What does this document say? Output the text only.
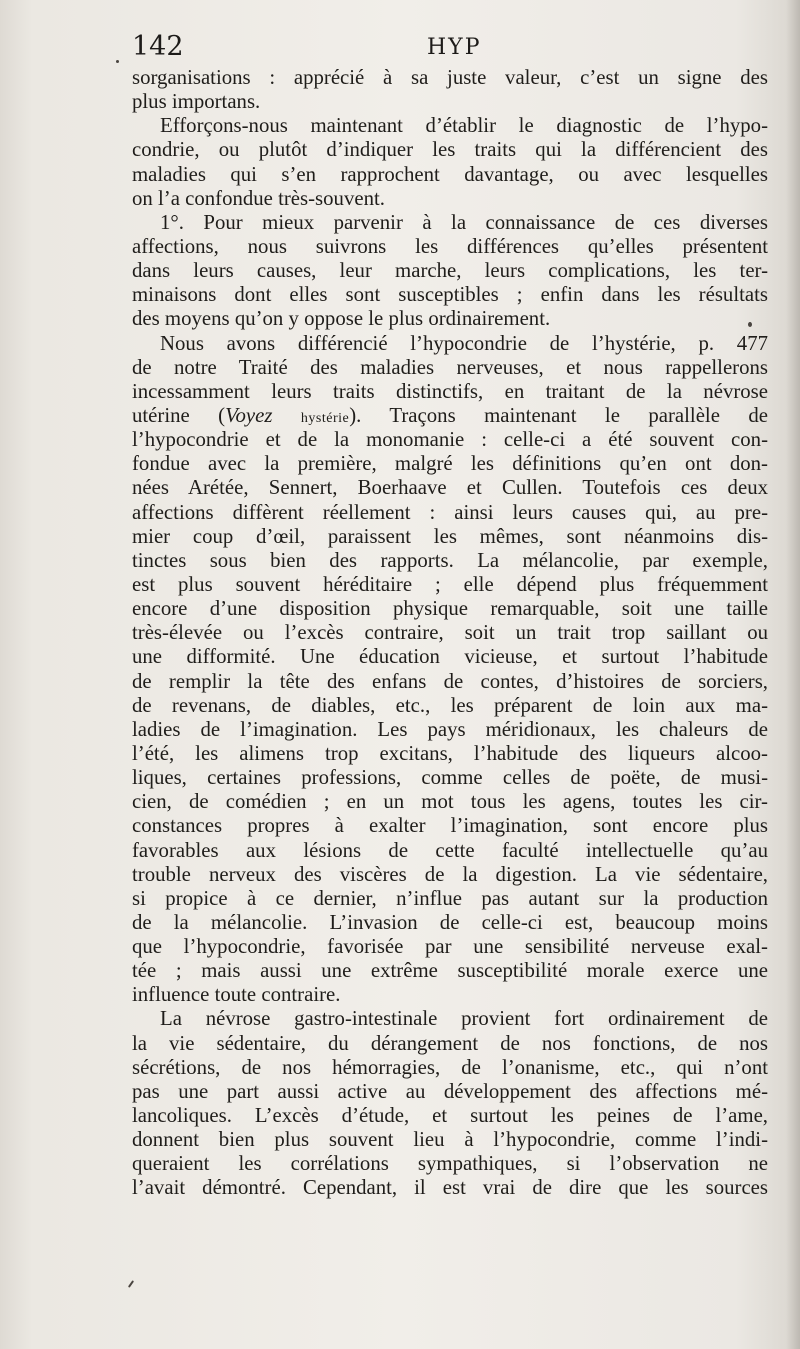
142	HYP
sorganisations : apprécié à sa juste valeur, c’est un signe des
plus importans.
Efforçons-nous maintenant d’établir le diagnostic de l’hypo-
condrie, ou plutôt d’indiquer les traits qui la différencient des
maladies qui s’en rapprochent davantage, ou avec lesquelles
on l’a confondue très-souvent.
1°. Pour mieux parvenir à la connaissance de ces diverses
affections, nous suivrons les différences qu’elles présentent
dans leurs causes, leur marche, leurs complications, les ter-
minaisons dont elles sont susceptibles ; enfin dans les résultats
des moyens qu’on y oppose le plus ordinairement.
Nous avons différencié l’hypocondrie de l’hystérie, p. 477
de notre Traité des maladies nerveuses, et nous rappellerons
incessamment leurs traits distinctifs, en traitant de la névrose
utérine (Voyez hystérie). Traçons maintenant le parallèle de
l’hypocondrie et de la monomanie : celle-ci a été souvent con-
fondue avec la première, malgré les définitions qu’en ont don-
nées Arétée, Sennert, Boerhaave et Cullen. Toutefois ces deux
affections diffèrent réellement : ainsi leurs causes qui, au pre-
mier coup d’œil, paraissent les mêmes, sont néanmoins dis-
tinctes sous bien des rapports. La mélancolie, par exemple,
est plus souvent héréditaire ; elle dépend plus fréquemment
encore d’une disposition physique remarquable, soit une taille
très-élevée ou l’excès contraire, soit un trait trop saillant ou
une difformité. Une éducation vicieuse, et surtout l’habitude
de remplir la tête des enfans de contes, d’histoires de sorciers,
de revenans, de diables, etc., les préparent de loin aux ma-
ladies de l’imagination. Les pays méridionaux, les chaleurs de
l’été, les alimens trop excitans, l’habitude des liqueurs alcoo-
liques, certaines professions, comme celles de poëte, de musi-
cien, de comédien ; en un mot tous les agens, toutes les cir-
constances propres à exalter l’imagination, sont encore plus
favorables aux lésions de cette faculté intellectuelle qu’au
trouble nerveux des viscères de la digestion. La vie sédentaire,
si propice à ce dernier, n’influe pas autant sur la production
de la mélancolie. L’invasion de celle-ci est, beaucoup moins
que l’hypocondrie, favorisée par une sensibilité nerveuse exal-
tée ; mais aussi une extrême susceptibilité morale exerce une
influence toute contraire.
La névrose gastro-intestinale provient fort ordinairement de
la vie sédentaire, du dérangement de nos fonctions, de nos
sécrétions, de nos hémorragies, de l’onanisme, etc., qui n’ont
pas une part aussi active au développement des affections mé-
lancoliques. L’excès d’étude, et surtout les peines de l’ame,
donnent bien plus souvent lieu à l’hypocondrie, comme l’indi-
queraient les corrélations sympathiques, si l’observation ne
l’avait démontré. Cependant, il est vrai de dire que les sources
